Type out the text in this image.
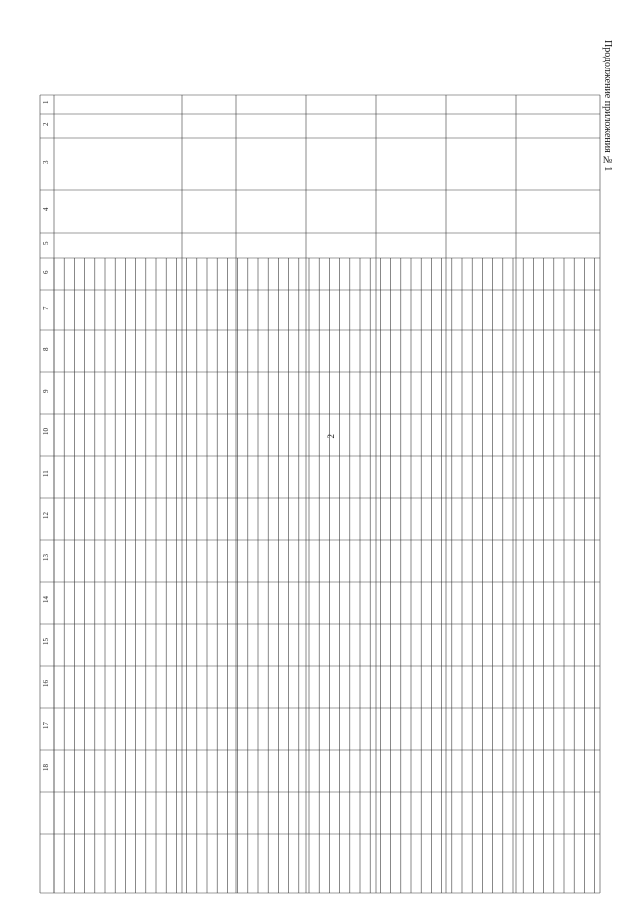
Продолжение приложения №1
2
1
2
3
4
5
6
7
8
9
10
11
12
13
14
15
16
17
18
